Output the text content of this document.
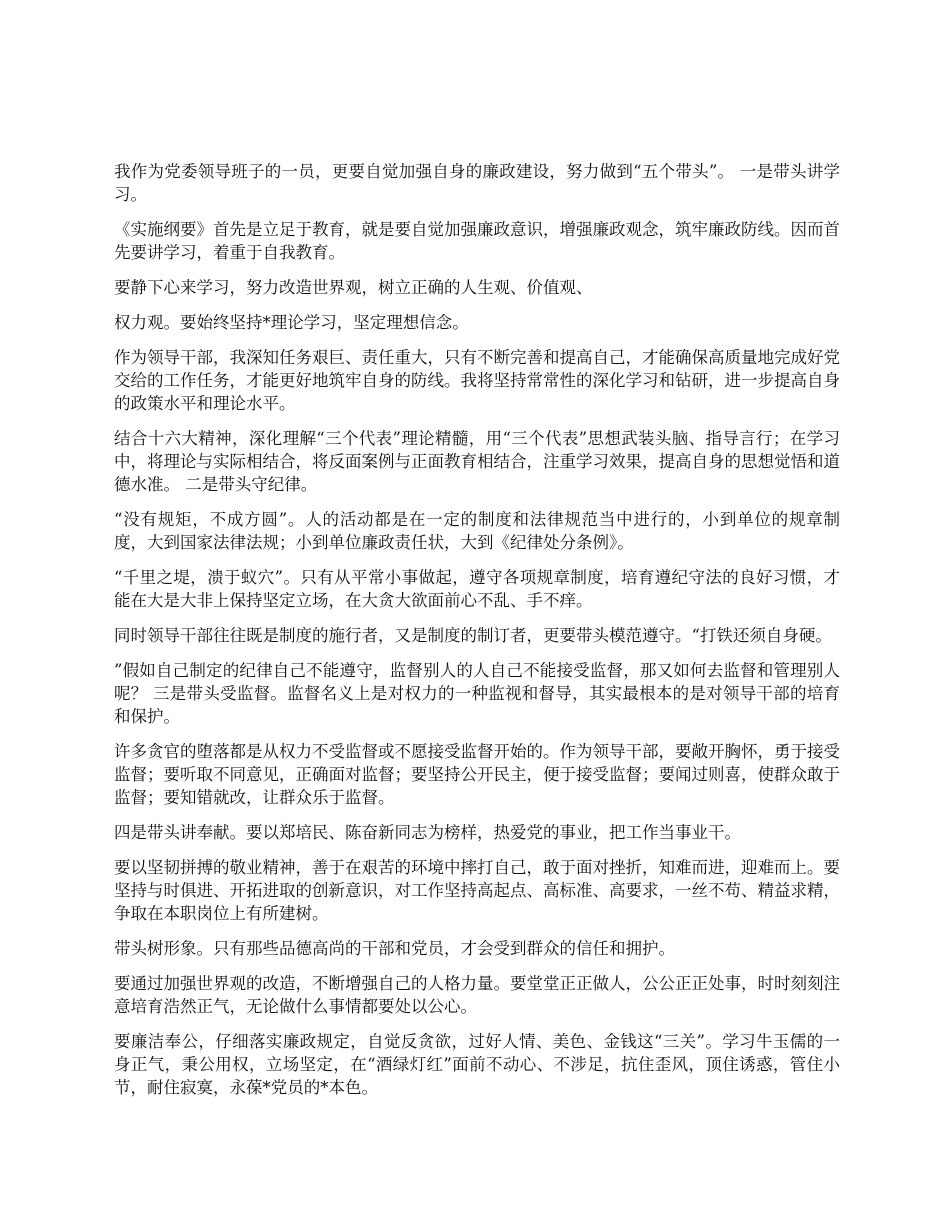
我作为党委领导班子的一员，更要自觉加强自身的廉政建设，努力做到“五个带头”。 一是带头讲学习。

《实施纲要》首先是立足于教育，就是要自觉加强廉政意识，增强廉政观念，筑牢廉政防线。因而首先要讲学习，着重于自我教育。

要静下心来学习，努力改造世界观，树立正确的人生观、价值观、

权力观。要始终坚持*理论学习，坚定理想信念。

作为领导干部，我深知任务艰巨、责任重大，只有不断完善和提高自己，才能确保高质量地完成好党交给的工作任务，才能更好地筑牢自身的防线。我将坚持常常性的深化学习和钻研，进一步提高自身的政策水平和理论水平。

结合十六大精神，深化理解“三个代表”理论精髓，用“三个代表”思想武装头脑、指导言行；在学习中，将理论与实际相结合，将反面案例与正面教育相结合，注重学习效果，提高自身的思想觉悟和道德水准。 二是带头守纪律。

“没有规矩，不成方圆”。人的活动都是在一定的制度和法律规范当中进行的，小到单位的规章制度，大到国家法律法规；小到单位廉政责任状，大到《纪律处分条例》。

“千里之堤，溃于蚁穴”。只有从平常小事做起，遵守各项规章制度，培育遵纪守法的良好习惯，才能在大是大非上保持坚定立场，在大贪大欲面前心不乱、手不痒。

同时领导干部往往既是制度的施行者，又是制度的制订者，更要带头模范遵守。“打铁还须自身硬。

”假如自己制定的纪律自己不能遵守，监督别人的人自己不能接受监督，那又如何去监督和管理别人呢？ 三是带头受监督。监督名义上是对权力的一种监视和督导，其实最根本的是对领导干部的培育和保护。

许多贪官的堕落都是从权力不受监督或不愿接受监督开始的。作为领导干部，要敞开胸怀，勇于接受监督；要听取不同意见，正确面对监督；要坚持公开民主，便于接受监督；要闻过则喜，使群众敢于监督；要知错就改，让群众乐于监督。

四是带头讲奉献。要以郑培民、陈奋新同志为榜样，热爱党的事业，把工作当事业干。

要以坚韧拼搏的敬业精神，善于在艰苦的环境中摔打自己，敢于面对挫折，知难而进，迎难而上。要坚持与时俱进、开拓进取的创新意识，对工作坚持高起点、高标准、高要求，一丝不苟、精益求精，争取在本职岗位上有所建树。

带头树形象。只有那些品德高尚的干部和党员，才会受到群众的信任和拥护。

要通过加强世界观的改造，不断增强自己的人格力量。要堂堂正正做人，公公正正处事，时时刻刻注意培育浩然正气，无论做什么事情都要处以公心。

要廉洁奉公，仔细落实廉政规定，自觉反贪欲，过好人情、美色、金钱这“三关”。学习牛玉儒的一身正气，秉公用权，立场坚定，在“酒绿灯红”面前不动心、不涉足，抗住歪风，顶住诱惑，管住小节，耐住寂寞，永葆*党员的*本色。
